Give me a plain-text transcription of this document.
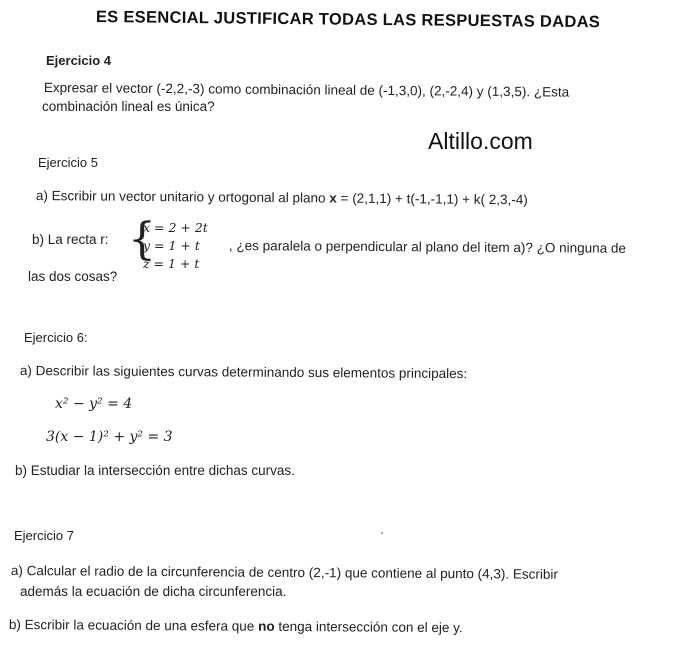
ES ESENCIAL JUSTIFICAR TODAS LAS RESPUESTAS DADAS
Ejercicio 4
Expresar el vector (-2,2,-3) como combinación lineal de (-1,3,0), (2,-2,4) y (1,3,5). ¿Esta
combinación lineal es única?
Altillo.com
Ejercicio 5
a) Escribir un vector unitario y ortogonal al plano x = (2,1,1) + t(-1,-1,1) + k( 2,3,-4)
b) La recta r: {
x = 2 + 2t
y = 1 + t
z = 1 + t
, ¿es paralela o perpendicular al plano del item a)? ¿O ninguna de
las dos cosas?
Ejercicio 6:
a) Describir las siguientes curvas determinando sus elementos principales:
x² − y² = 4
3(x − 1)² + y² = 3
b) Estudiar la intersección entre dichas curvas.
Ejercicio 7	'
a) Calcular el radio de la circunferencia de centro (2,-1) que contiene al punto (4,3). Escribir
además la ecuación de dicha circunferencia.
b) Escribir la ecuación de una esfera que no tenga intersección con el eje y.
